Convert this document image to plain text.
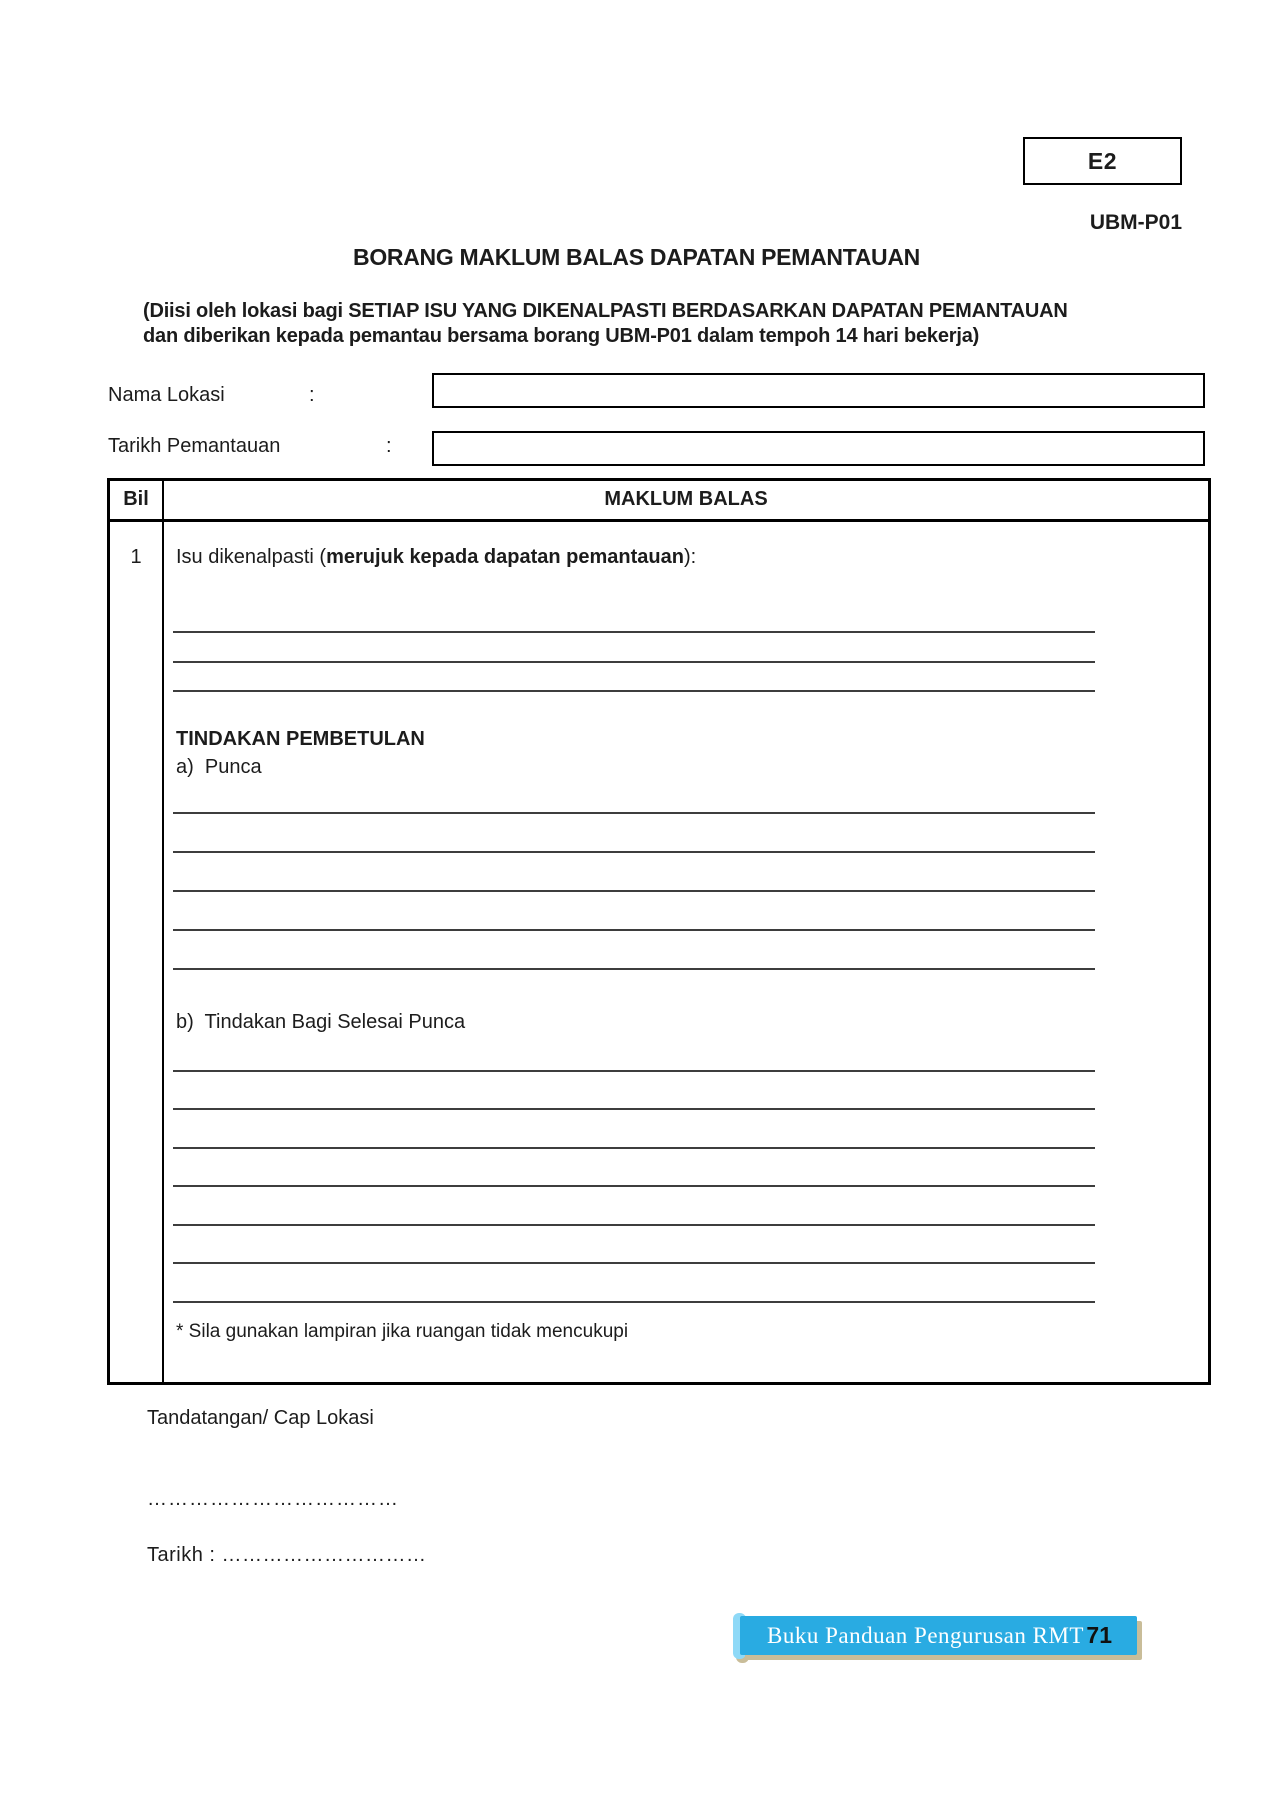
E2
UBM-P01
BORANG MAKLUM BALAS DAPATAN PEMANTAUAN
(Diisi oleh lokasi bagi SETIAP ISU YANG DIKENALPASTI BERDASARKAN DAPATAN PEMANTAUAN
dan diberikan kepada pemantau bersama borang UBM-P01 dalam tempoh 14 hari bekerja)
Nama Lokasi	:
Tarikh Pemantauan	:
Bil	MAKLUM BALAS
1	Isu dikenalpasti (merujuk kepada dapatan pemantauan):
TINDAKAN PEMBETULAN
a)  Punca
b)  Tindakan Bagi Selesai Punca
* Sila gunakan lampiran jika ruangan tidak mencukupi
Tandatangan/ Cap Lokasi
………………………………
Tarikh : …………………………
Buku Panduan Pengurusan RMT 71
